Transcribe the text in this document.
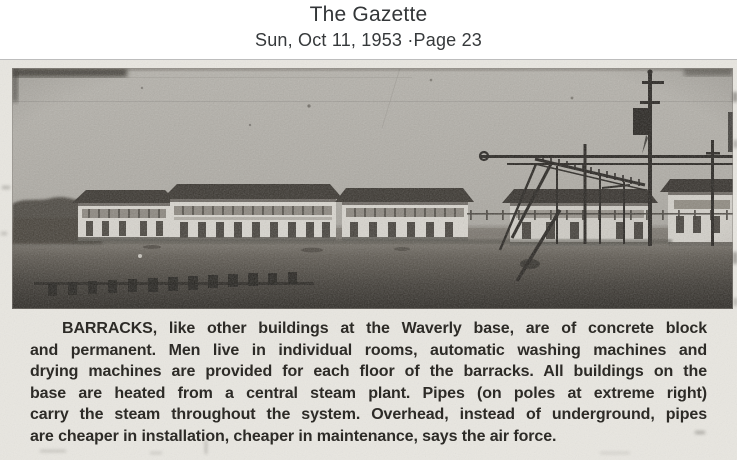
BARRACKS, like other buildings at the Waverly base, are of concrete block
and permanent. Men live in individual rooms, automatic washing machines and
drying machines are provided for each floor of the barracks. All buildings on the
base are heated from a central steam plant. Pipes (on poles at extreme right)
carry the steam throughout the system. Overhead, instead of underground, pipes
are cheaper in installation, cheaper in maintenance, says the air force.
The Gazette
Sun, Oct 11, 1953 ·Page 23
